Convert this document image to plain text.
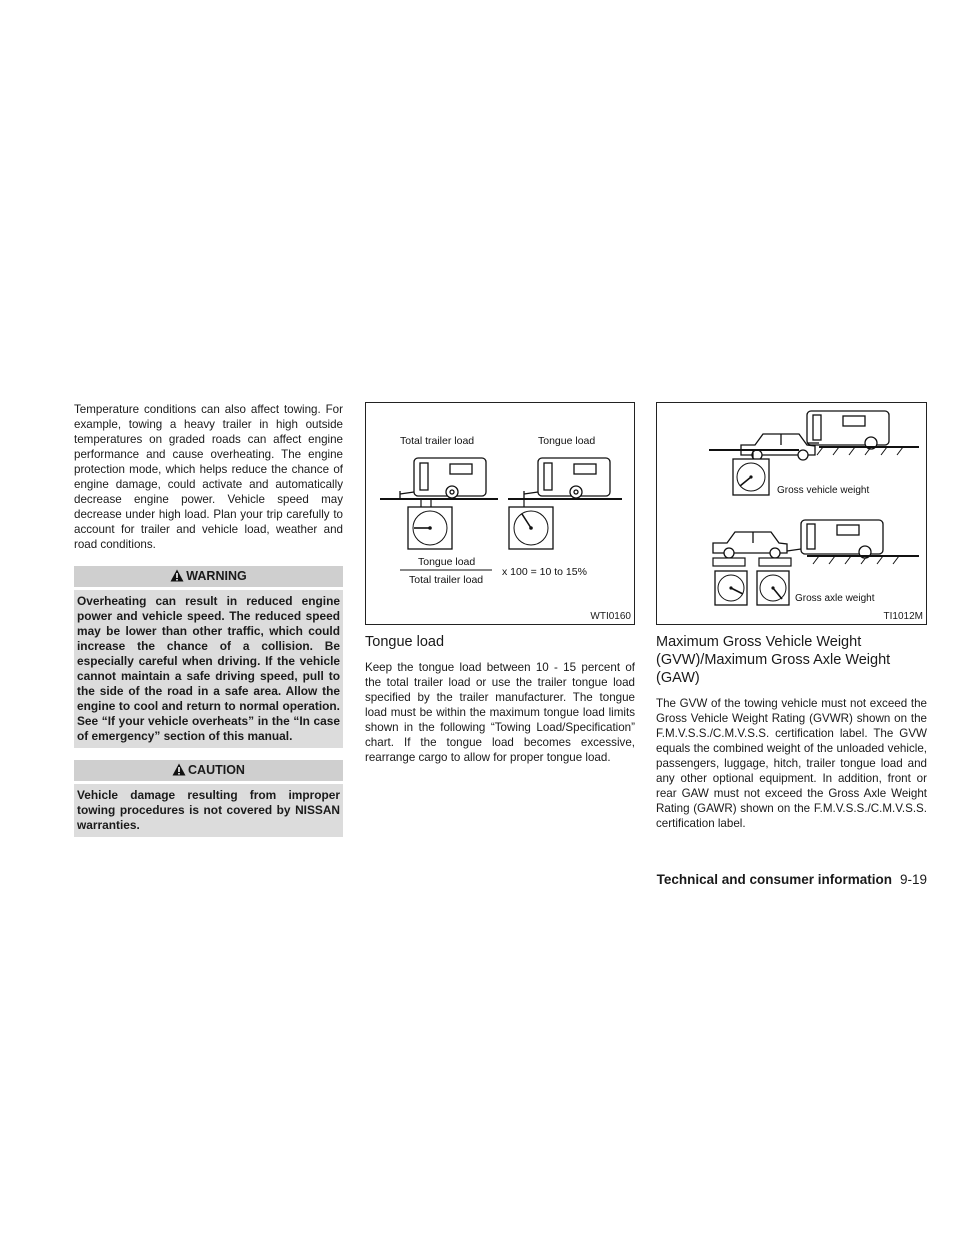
Temperature conditions can also affect towing. For example, towing a heavy trailer in high outside temperatures on graded roads can affect engine performance and cause overheating. The engine protection mode, which helps reduce the chance of engine damage, could activate and automatically decrease engine power. Vehicle speed may decrease under high load. Plan your trip carefully to account for trailer and vehicle load, weather and road conditions.

WARNING

Overheating can result in reduced engine power and vehicle speed. The reduced speed may be lower than other traffic, which could increase the chance of a collision. Be especially careful when driving. If the vehicle cannot maintain a safe driving speed, pull to the side of the road in a safe area. Allow the engine to cool and return to normal operation. See “If your vehicle overheats” in the “In case of emergency” section of this manual.

CAUTION

Vehicle damage resulting from improper towing procedures is not covered by NISSAN warranties.

Total trailer load	Tongue load
Tongue load
Total trailer load
x 100 = 10 to 15%
WTI0160
Tongue load

Keep the tongue load between 10 - 15 percent of the total trailer load or use the trailer tongue load specified by the trailer manufacturer. The tongue load must be within the maximum tongue load limits shown in the following “Towing Load/Specification” chart. If the tongue load becomes excessive, rearrange cargo to allow for proper tongue load.

Gross vehicle weight
Gross axle weight
TI1012M
Maximum Gross Vehicle Weight (GVW)/Maximum Gross Axle Weight (GAW)

The GVW of the towing vehicle must not exceed the Gross Vehicle Weight Rating (GVWR) shown on the F.M.V.S.S./C.M.V.S.S. certification label. The GVW equals the combined weight of the unloaded vehicle, passengers, luggage, hitch, trailer tongue load and any other optional equipment. In addition, front or rear GAW must not exceed the Gross Axle Weight Rating (GAWR) shown on the F.M.V.S.S./C.M.V.S.S. certification label.

Technical and consumer information 9-19
